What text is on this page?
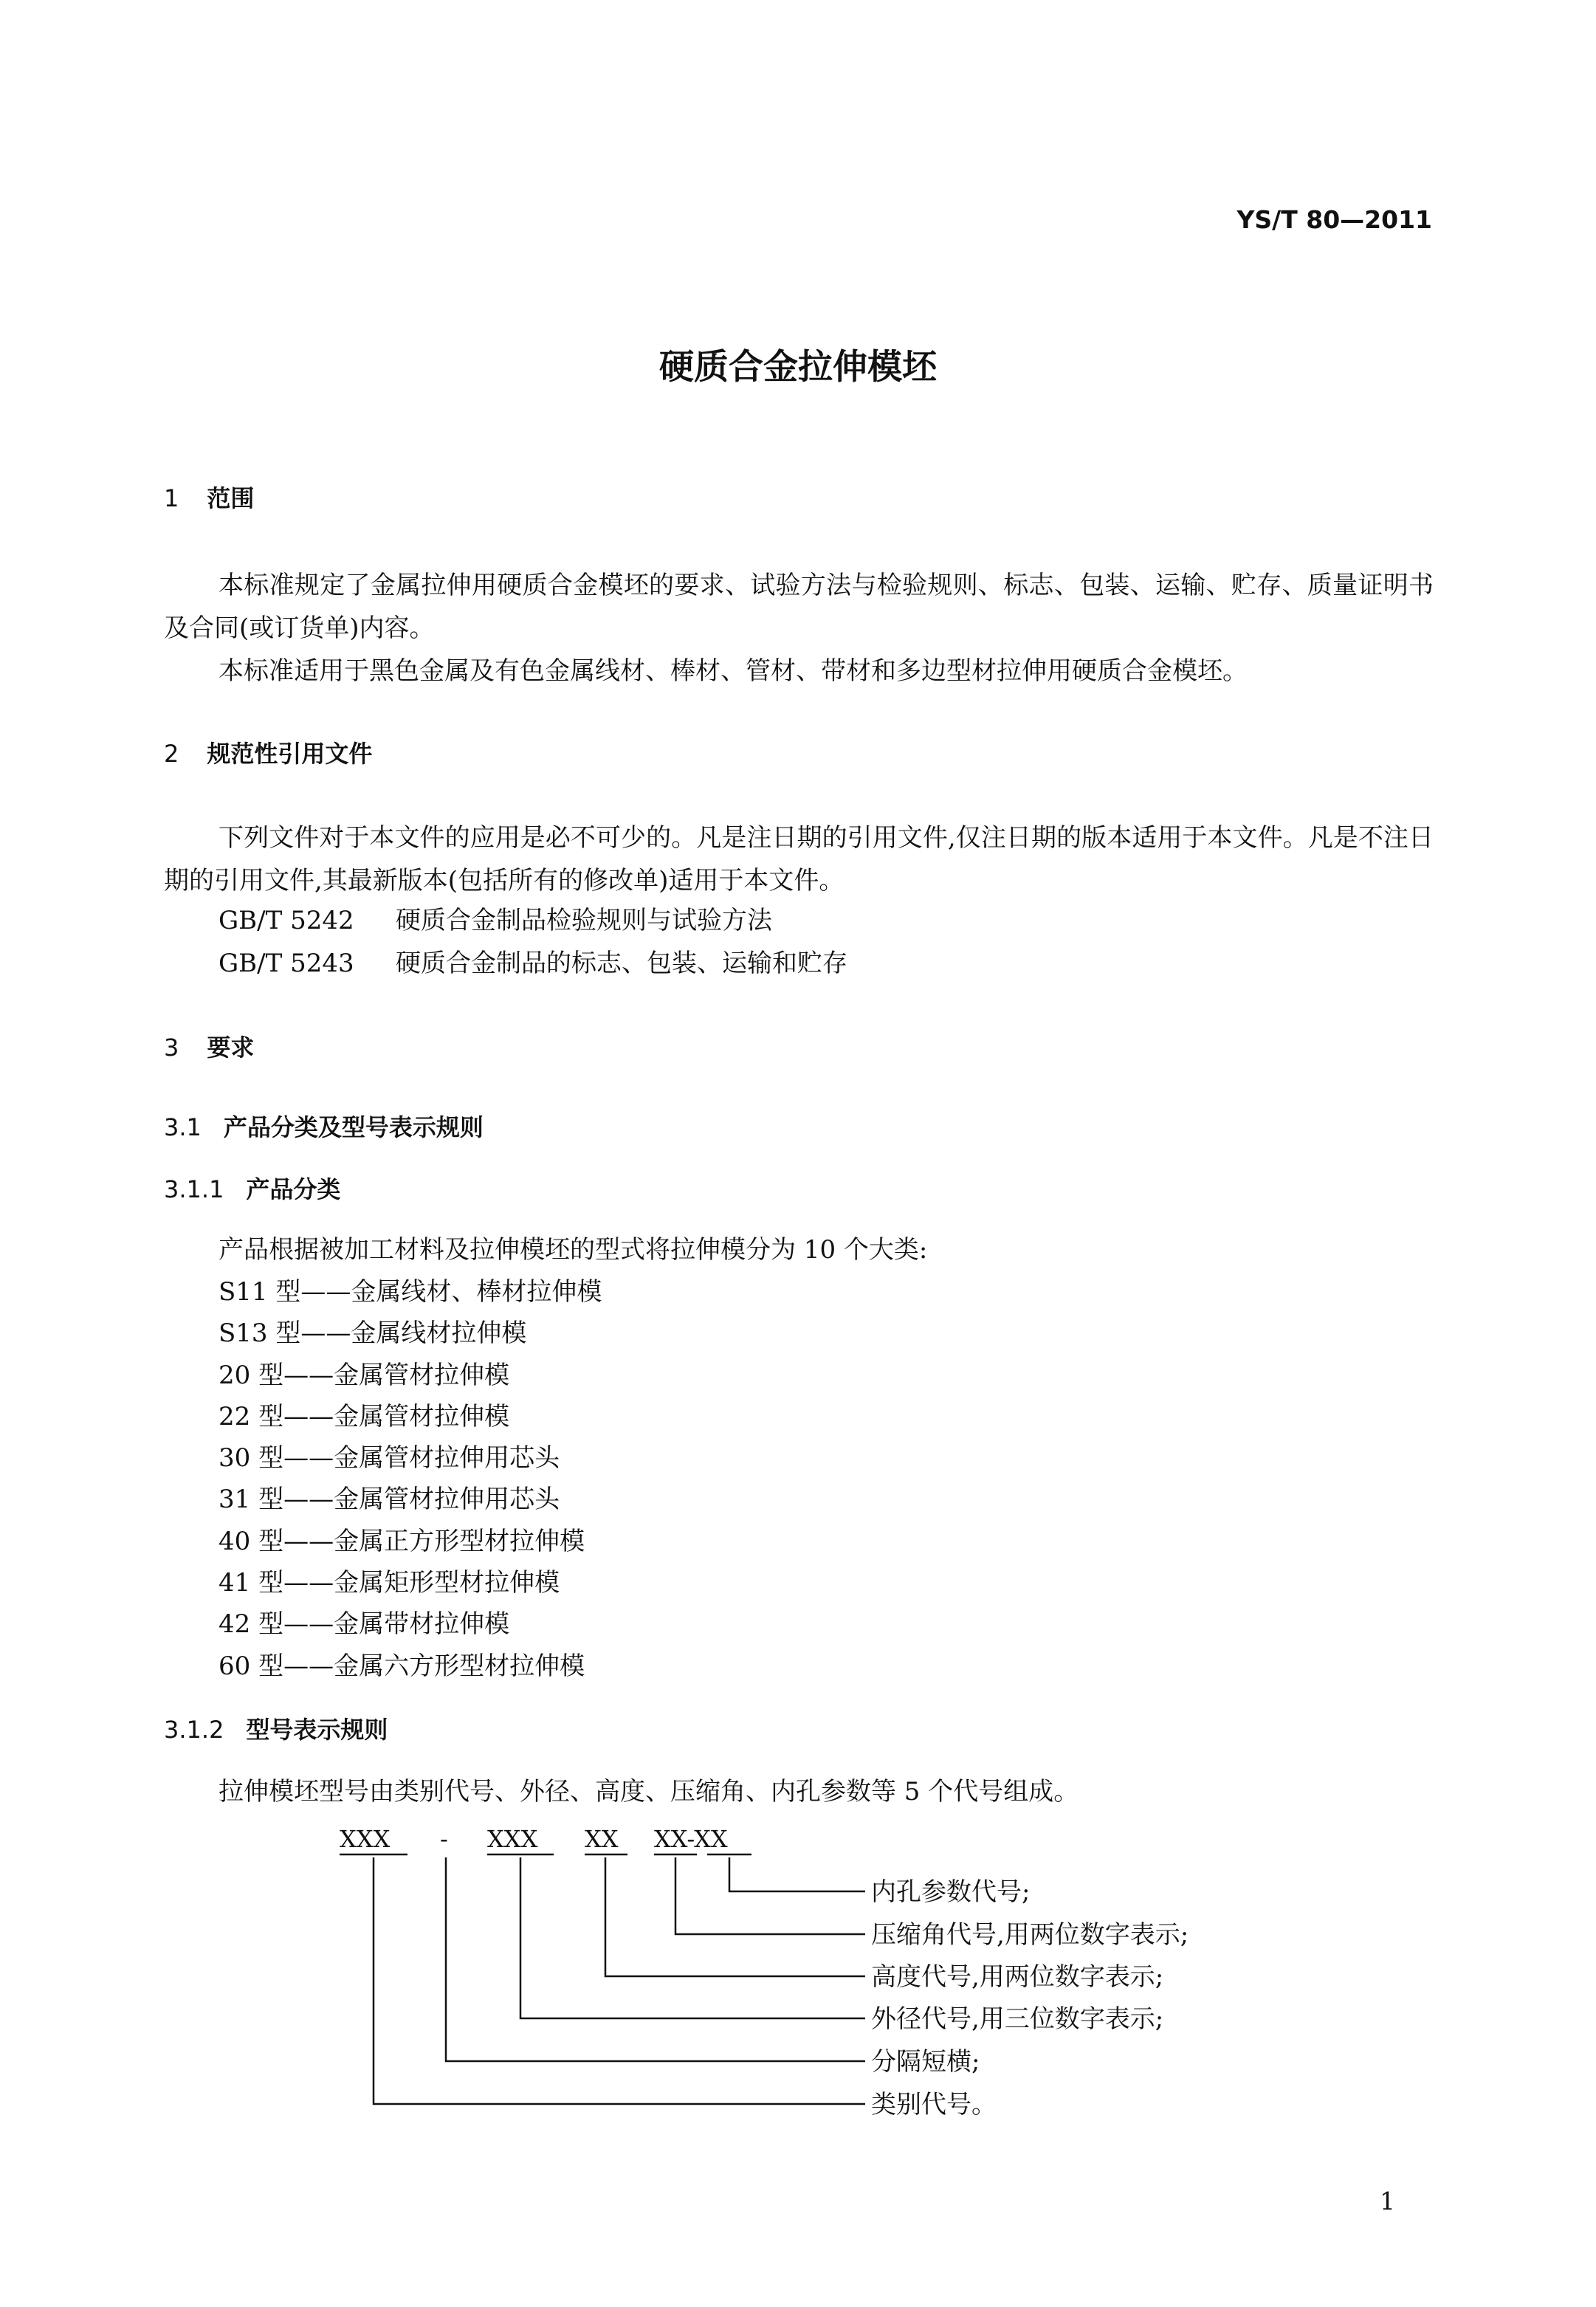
YS/T 80—2011
硬质合金拉伸模坯
1 范围
本标准规定了金属拉伸用硬质合金模坯的要求、试验方法与检验规则、标志、包装、运输、贮存、质量证明书及合同(或订货单)内容。
本标准适用于黑色金属及有色金属线材、棒材、管材、带材和多边型材拉伸用硬质合金模坯。
2 规范性引用文件
下列文件对于本文件的应用是必不可少的。凡是注日期的引用文件,仅注日期的版本适用于本文件。凡是不注日期的引用文件,其最新版本(包括所有的修改单)适用于本文件。
GB/T 5242 硬质合金制品检验规则与试验方法
GB/T 5243 硬质合金制品的标志、包装、运输和贮存
3 要求
3.1 产品分类及型号表示规则
3.1.1 产品分类
产品根据被加工材料及拉伸模坯的型式将拉伸模分为 10 个大类:
S11 型——金属线材、棒材拉伸模
S13 型——金属线材拉伸模
20 型——金属管材拉伸模
22 型——金属管材拉伸模
30 型——金属管材拉伸用芯头
31 型——金属管材拉伸用芯头
40 型——金属正方形型材拉伸模
41 型——金属矩形型材拉伸模
42 型——金属带材拉伸模
60 型——金属六方形型材拉伸模
3.1.2 型号表示规则
拉伸模坯型号由类别代号、外径、高度、压缩角、内孔参数等 5 个代号组成。
XXX - XXX XX XX-XX
内孔参数代号;
压缩角代号,用两位数字表示;
高度代号,用两位数字表示;
外径代号,用三位数字表示;
分隔短横;
类别代号。
1
